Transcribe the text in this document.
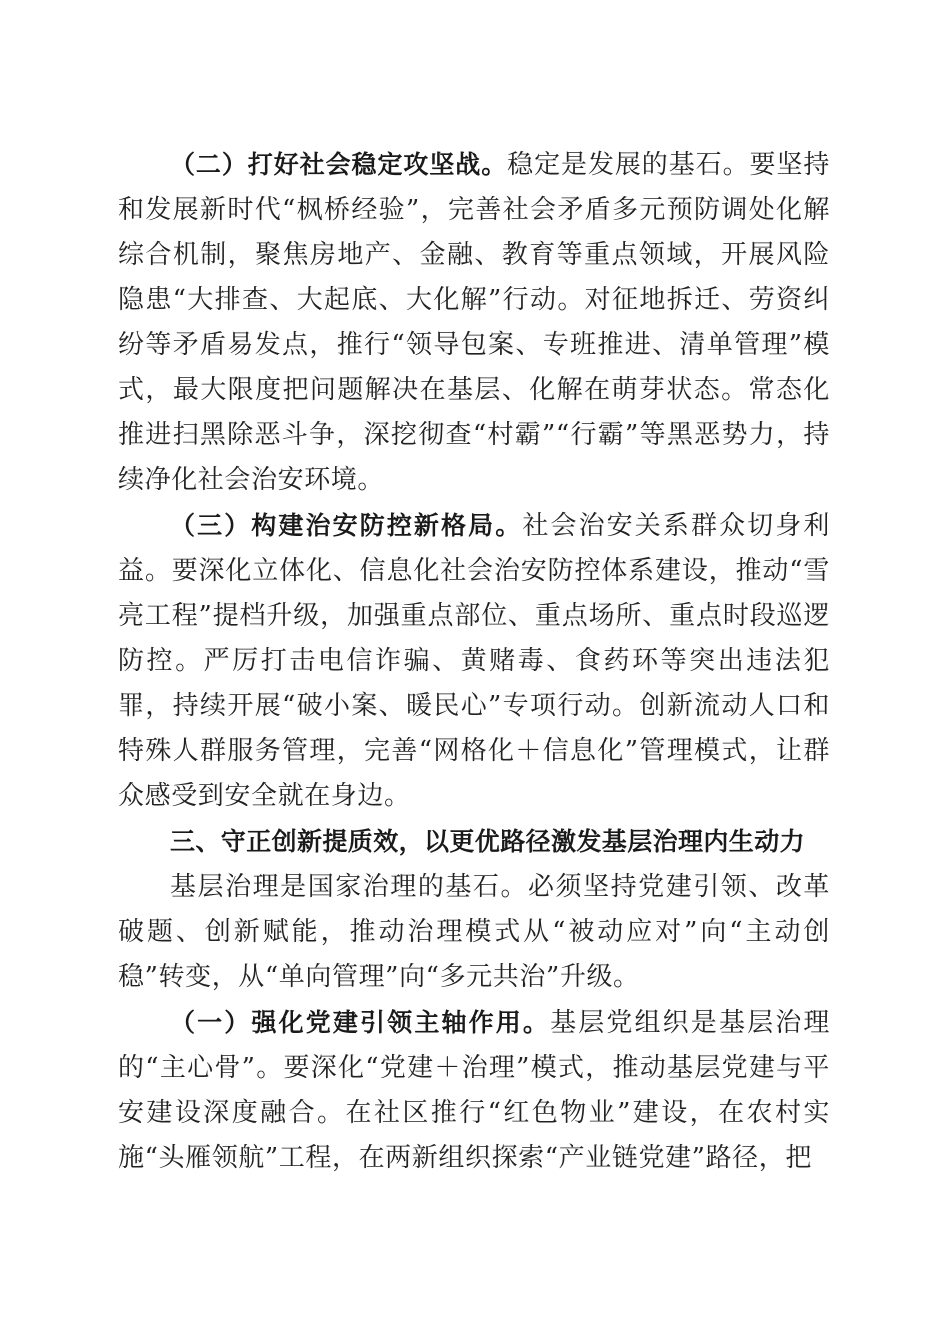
（二）打好社会稳定攻坚战。稳定是发展的基石。要坚持和发展新时代“枫桥经验”，完善社会矛盾多元预防调处化解综合机制，聚焦房地产、金融、教育等重点领域，开展风险隐患“大排查、大起底、大化解”行动。对征地拆迁、劳资纠纷等矛盾易发点，推行“领导包案、专班推进、清单管理”模式，最大限度把问题解决在基层、化解在萌芽状态。常态化推进扫黑除恶斗争，深挖彻查“村霸”“行霸”等黑恶势力，持续净化社会治安环境。

（三）构建治安防控新格局。社会治安关系群众切身利益。要深化立体化、信息化社会治安防控体系建设，推动“雪亮工程”提档升级，加强重点部位、重点场所、重点时段巡逻防控。严厉打击电信诈骗、黄赌毒、食药环等突出违法犯罪，持续开展“破小案、暖民心”专项行动。创新流动人口和特殊人群服务管理，完善“网格化＋信息化”管理模式，让群众感受到安全就在身边。

三、守正创新提质效，以更优路径激发基层治理内生动力

基层治理是国家治理的基石。必须坚持党建引领、改革破题、创新赋能，推动治理模式从“被动应对”向“主动创稳”转变，从“单向管理”向“多元共治”升级。

（一）强化党建引领主轴作用。基层党组织是基层治理的“主心骨”。要深化“党建＋治理”模式，推动基层党建与平安建设深度融合。在社区推行“红色物业”建设，在农村实施“头雁领航”工程，在两新组织探索“产业链党建”路径，把
